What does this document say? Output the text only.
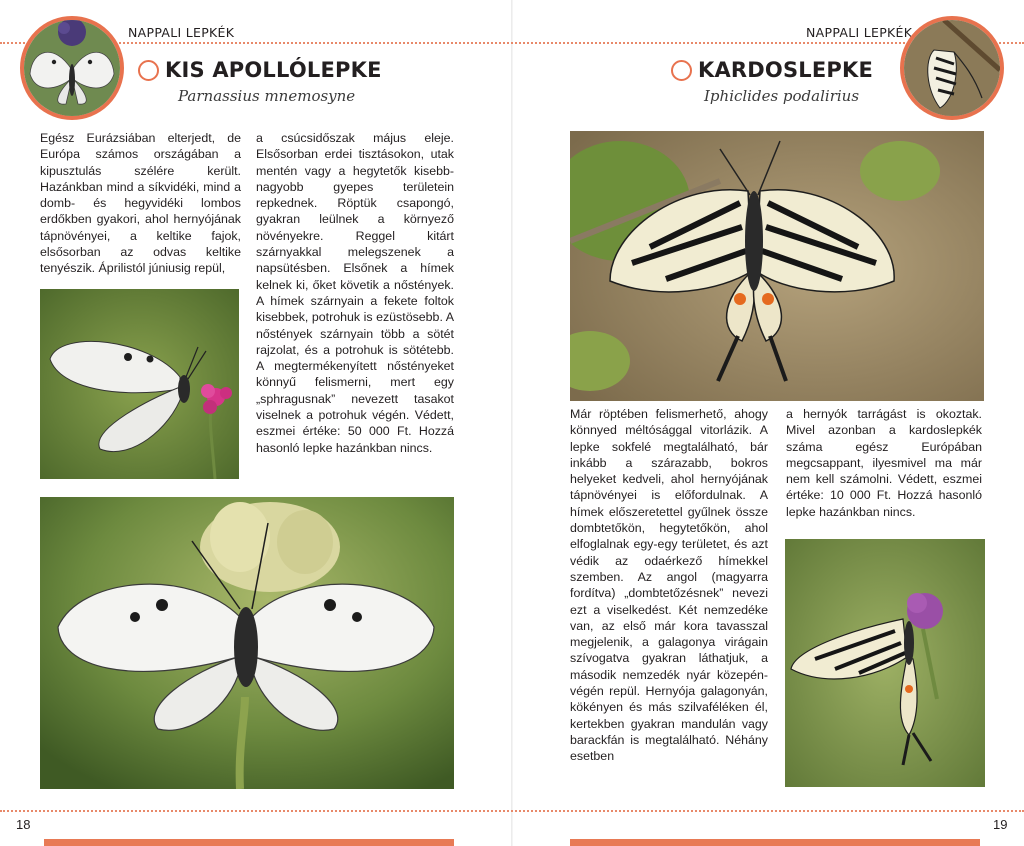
NAPPALI LEPKÉK
KIS APOLLÓLEPKE
Parnassius mnemosyne

Egész Eurázsiában elterjedt, de Európa számos országában a kipusztulás szélére került. Hazánkban mind a síkvidéki, mind a domb- és hegyvidéki lombos erdőkben gyakori, ahol hernyójának tápnövényei, a keltike fajok, elsősorban az odvas keltike tenyészik. Áprilistól júniusig repül,

a csúcsidőszak május eleje. Elsősorban erdei tisztásokon, utak mentén vagy a hegytetők kisebb-nagyobb gyepes területein repkednek. Röptük csapongó, gyakran leülnek a környező növényekre. Reggel kitárt szárnyakkal melegszenek a napsütésben. Elsőnek a hímek kelnek ki, őket követik a nőstények. A hímek szárnyain a fekete foltok kisebbek, potrohuk is ezüstösebb. A nőstények szárnyain több a sötét rajzolat, és a potrohuk is sötétebb. A megtermékenyített nőstényeket könnyű felismerni, mert egy „sphragusnak” nevezett tasakot viselnek a potrohuk végén. Védett, eszmei értéke: 50 000 Ft. Hozzá hasonló lepke hazánkban nincs.

18
NAPPALI LEPKÉK
KARDOSLEPKE
Iphiclides podalirius

Már röptében felismerhető, ahogy könnyed méltósággal vitorlázik. A lepke sokfelé megtalálható, bár inkább a szárazabb, bokros helyeket kedveli, ahol hernyójának tápnövényei is előfordulnak. A hímek előszeretettel gyűlnek össze dombtetőkön, hegytetőkön, ahol elfoglalnak egy-egy területet, és azt védik az odaérkező hímekkel szemben. Az angol (magyarra fordítva) „dombtetőzésnek” nevezi ezt a viselkedést. Két nemzedéke van, az első már kora tavasszal megjelenik, a galagonya virágain szívogatva gyakran láthatjuk, a második nemzedék nyár közepén-végén repül. Hernyója galagonyán, kökényen és más szilvaféléken él, kertekben gyakran mandulán vagy barackfán is megtalálható. Néhány esetben

a hernyók tarrágást is okoztak. Mivel azonban a kardoslepkék száma egész Európában megcsappant, ilyesmivel ma már nem kell számolni. Védett, eszmei értéke: 10 000 Ft. Hozzá hasonló lepke hazánkban nincs.

19
